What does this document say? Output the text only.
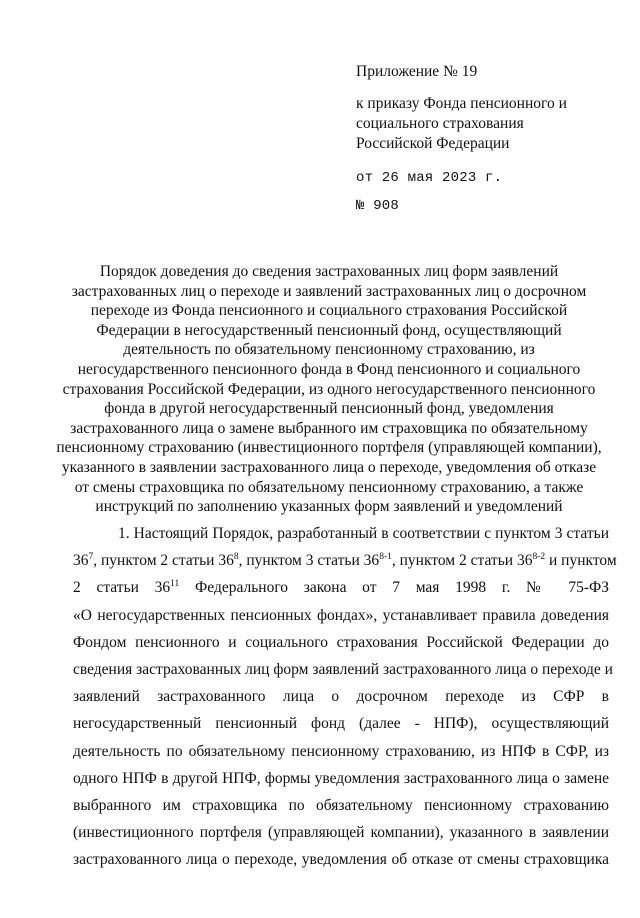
Приложение № 19
к приказу Фонда пенсионного и
социального страхования
Российской Федерации
от 26 мая 2023 г.
№ 908
Порядок доведения до сведения застрахованных лиц форм заявлений
застрахованных лиц о переходе и заявлений застрахованных лиц о досрочном
переходе из Фонда пенсионного и социального страхования Российской
Федерации в негосударственный пенсионный фонд, осуществляющий
деятельность по обязательному пенсионному страхованию, из
негосударственного пенсионного фонда в Фонд пенсионного и социального
страхования Российской Федерации, из одного негосударственного пенсионного
фонда в другой негосударственный пенсионный фонд, уведомления
застрахованного лица о замене выбранного им страховщика по обязательному
пенсионному страхованию (инвестиционного портфеля (управляющей компании),
указанного в заявлении застрахованного лица о переходе, уведомления об отказе
от смены страховщика по обязательному пенсионному страхованию, а также
инструкций по заполнению указанных форм заявлений и уведомлений
1. Настоящий Порядок, разработанный в соответствии с пунктом 3 статьи
$36^7$, пунктом 2 статьи $36^8$, пунктом 3 статьи 36$^{8-1}$, пунктом 2 статьи 36$^{8-2}$ и пунктом
2 статьи $36^{11}$ Федерального закона от 7 мая 1998 г. № 75-ФЗ
«О негосударственных пенсионных фондах», устанавливает правила доведения
Фондом пенсионного и социального страхования Российской Федерации до
сведения застрахованных лиц форм заявлений застрахованного лица о переходе и
заявлений застрахованного лица о досрочном переходе из СФР в
негосударственный пенсионный фонд (далее - НПФ), осуществляющий
деятельность по обязательному пенсионному страхованию, из НПФ в СФР, из
одного НПФ в другой НПФ, формы уведомления застрахованного лица о замене
выбранного им страховщика по обязательному пенсионному страхованию
(инвестиционного портфеля (управляющей компании), указанного в заявлении
застрахованного лица о переходе, уведомления об отказе от смены страховщика
